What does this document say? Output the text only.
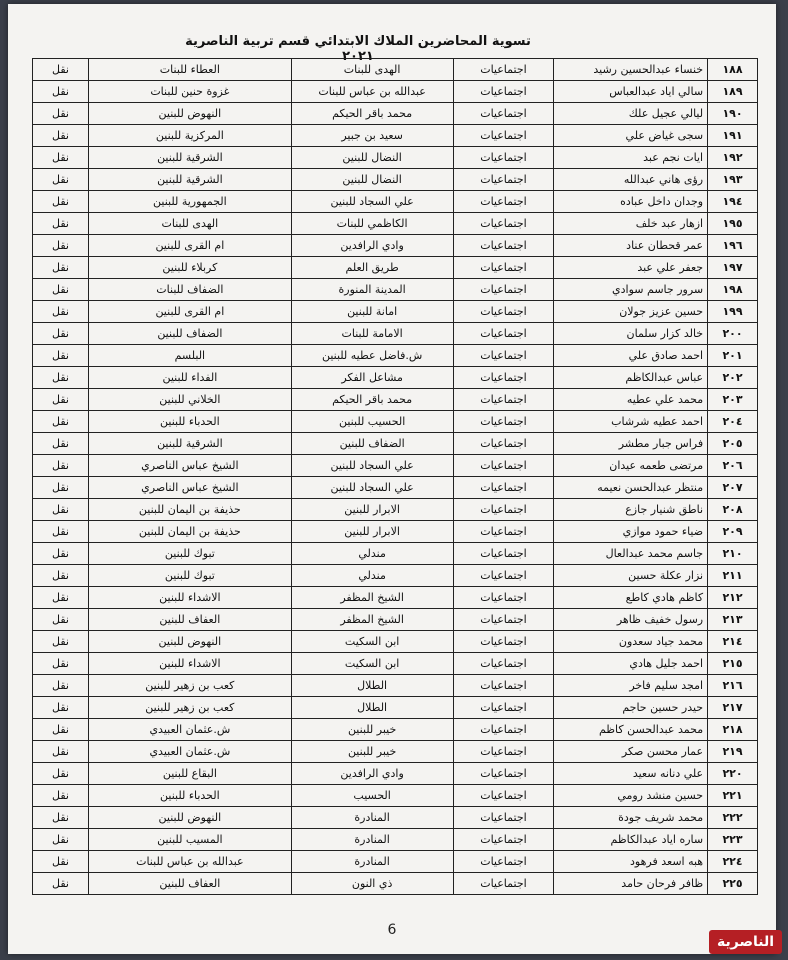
تسوية المحاضرين الملاك الابتدائي قسم تربية الناصرية ٢٠٢١
١٨٨	خنساء عبدالحسين رشيد	اجتماعيات	الهدى للبنات	العطاء للبنات	نقل
١٨٩	سالي اياد عبدالعباس	اجتماعيات	عبدالله بن عباس للبنات	غزوة حنين للبنات	نقل
١٩٠	ليالي عجيل علك	اجتماعيات	محمد باقر الحيكم	النهوض للبنين	نقل
١٩١	سجى غياض علي	اجتماعيات	سعيد بن جبير	المركزية للبنين	نقل
١٩٢	ايات نجم عبد	اجتماعيات	النضال للبنين	الشرقية للبنين	نقل
١٩٣	رؤى هاني عبدالله	اجتماعيات	النضال للبنين	الشرقية للبنين	نقل
١٩٤	وجدان داخل عباده	اجتماعيات	علي السجاد للبنين	الجمهورية للبنين	نقل
١٩٥	ازهار عبد خلف	اجتماعيات	الكاظمي للبنات	الهدى للبنات	نقل
١٩٦	عمر قحطان عناد	اجتماعيات	وادي الرافدين	ام القرى للبنين	نقل
١٩٧	جعفر علي عبد	اجتماعيات	طريق العلم	كربلاء للبنين	نقل
١٩٨	سرور جاسم سوادي	اجتماعيات	المدينة المنورة	الضفاف للبنات	نقل
١٩٩	حسين عزيز جولان	اجتماعيات	امانة للبنين	ام القرى للبنين	نقل
٢٠٠	خالد كزار سلمان	اجتماعيات	الامامة للبنات	الضفاف للبنين	نقل
٢٠١	احمد صادق علي	اجتماعيات	ش.فاضل عطيه للبنين	البلسم	نقل
٢٠٢	عباس عبدالكاظم	اجتماعيات	مشاعل الفكر	الفداء للبنين	نقل
٢٠٣	محمد علي عطيه	اجتماعيات	محمد باقر الحيكم	الخلاني للبنين	نقل
٢٠٤	احمد عطيه شرشاب	اجتماعيات	الحسيب للبنين	الحدباء للبنين	نقل
٢٠٥	فراس جبار مطشر	اجتماعيات	الضفاف للبنين	الشرقية للبنين	نقل
٢٠٦	مرتضى طعمه عيدان	اجتماعيات	علي السجاد للبنين	الشيخ عباس الناصري	نقل
٢٠٧	منتظر عبدالحسن نعيمه	اجتماعيات	علي السجاد للبنين	الشيخ عباس الناصري	نقل
٢٠٨	ناطق شنيار جازع	اجتماعيات	الابرار للبنين	حذيفة بن اليمان للبنين	نقل
٢٠٩	ضياء حمود موازي	اجتماعيات	الابرار للبنين	حذيفة بن اليمان للبنين	نقل
٢١٠	جاسم محمد عبدالعال	اجتماعيات	مندلي	تبوك للبنين	نقل
٢١١	نزار عكلة حسين	اجتماعيات	مندلي	تبوك للبنين	نقل
٢١٢	كاظم هادي كاطع	اجتماعيات	الشيخ المظفر	الاشداء للبنين	نقل
٢١٣	رسول خفيف ظاهر	اجتماعيات	الشيخ المظفر	العفاف للبنين	نقل
٢١٤	محمد جياد سعدون	اجتماعيات	ابن السكيت	النهوض للبنين	نقل
٢١٥	احمد جليل هادي	اجتماعيات	ابن السكيت	الاشداء للبنين	نقل
٢١٦	امجد سليم فاخر	اجتماعيات	الطلال	كعب بن زهير للبنين	نقل
٢١٧	حيدر حسين حاجم	اجتماعيات	الطلال	كعب بن زهير للبنين	نقل
٢١٨	محمد عبدالحسن كاظم	اجتماعيات	خيبر للبنين	ش.عثمان العبيدي	نقل
٢١٩	عمار محسن صكر	اجتماعيات	خيبر للبنين	ش.عثمان العبيدي	نقل
٢٢٠	علي دنانه سعيد	اجتماعيات	وادي الرافدين	البقاع للبنين	نقل
٢٢١	حسين منشد رومي	اجتماعيات	الحسيب	الحدباء للبنين	نقل
٢٢٢	محمد شريف جودة	اجتماعيات	المنادرة	النهوض للبنين	نقل
٢٢٣	ساره اياد عبدالكاظم	اجتماعيات	المنادرة	المسيب للبنين	نقل
٢٢٤	هبه اسعد فرهود	اجتماعيات	المنادرة	عبدالله بن عباس للبنات	نقل
٢٢٥	ظافر فرحان حامد	اجتماعيات	ذي النون	العفاف للبنين	نقل
6
الناصرية
